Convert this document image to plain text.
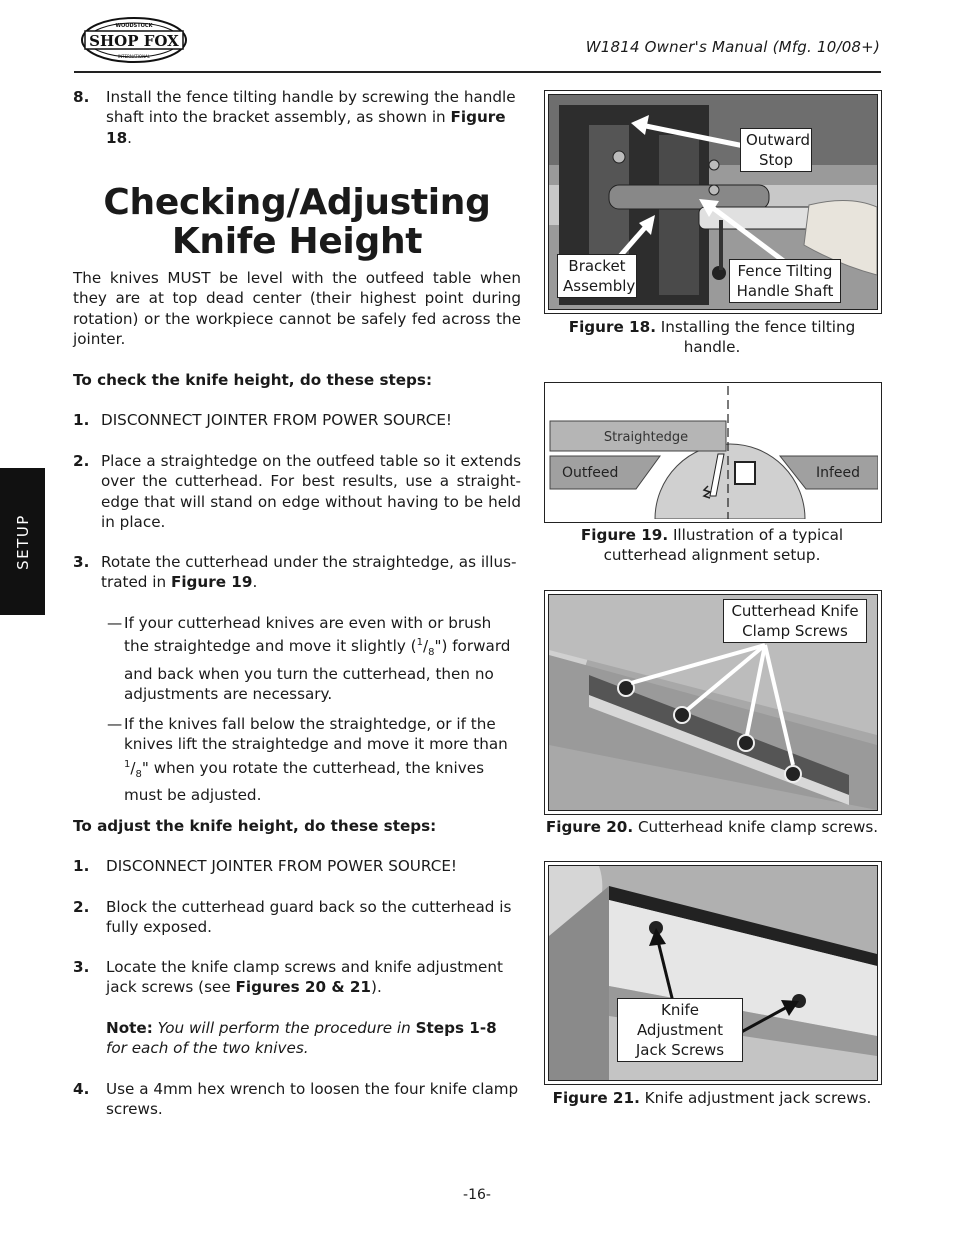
SHOP FOX
WOODSTOCK
INTERNATIONAL
W1814 Owner's Manual (Mfg. 10/08+)
SETUP
8. Install the fence tilting handle by screwing the handle shaft into the bracket assembly, as shown in Figure 18.
Checking/Adjusting Knife Height
The knives MUST be level with the outfeed table when they are at top dead center (their highest point during rotation) or the workpiece cannot be safely fed across the jointer.
To check the knife height, do these steps:
1. DISCONNECT JOINTER FROM POWER SOURCE!
2. Place a straightedge on the outfeed table so it extends over the cutterhead. For best results, use a straight-edge that will stand on edge without having to be held in place.
3. Rotate the cutterhead under the straightedge, as illus-trated in Figure 19.
— If your cutterhead knives are even with or brush the straightedge and move it slightly $(^1/_8")$ forward and back when you turn the cutterhead, then no adjustments are necessary.
— If the knives fall below the straightedge, or if the knives lift the straightedge and move it more than $^1/_8$" when you rotate the cutterhead, the knives must be adjusted.
To adjust the knife height, do these steps:
1. DISCONNECT JOINTER FROM POWER SOURCE!
2. Block the cutterhead guard back so the cutterhead is fully exposed.
3. Locate the knife clamp screws and knife adjustment jack screws (see Figures 20 & 21).
Note: You will perform the procedure in Steps 1-8 for each of the two knives.
4. Use a 4mm hex wrench to loosen the four knife clamp screws.
Outward Stop
Bracket Assembly
Fence Tilting Handle Shaft
Figure 18. Installing the fence tilting handle.
Straightedge
Outfeed	Infeed
Figure 19. Illustration of a typical cutterhead alignment setup.
Cutterhead Knife Clamp Screws
Figure 20. Cutterhead knife clamp screws.
Knife Adjustment Jack Screws
Figure 21. Knife adjustment jack screws.
-16-
